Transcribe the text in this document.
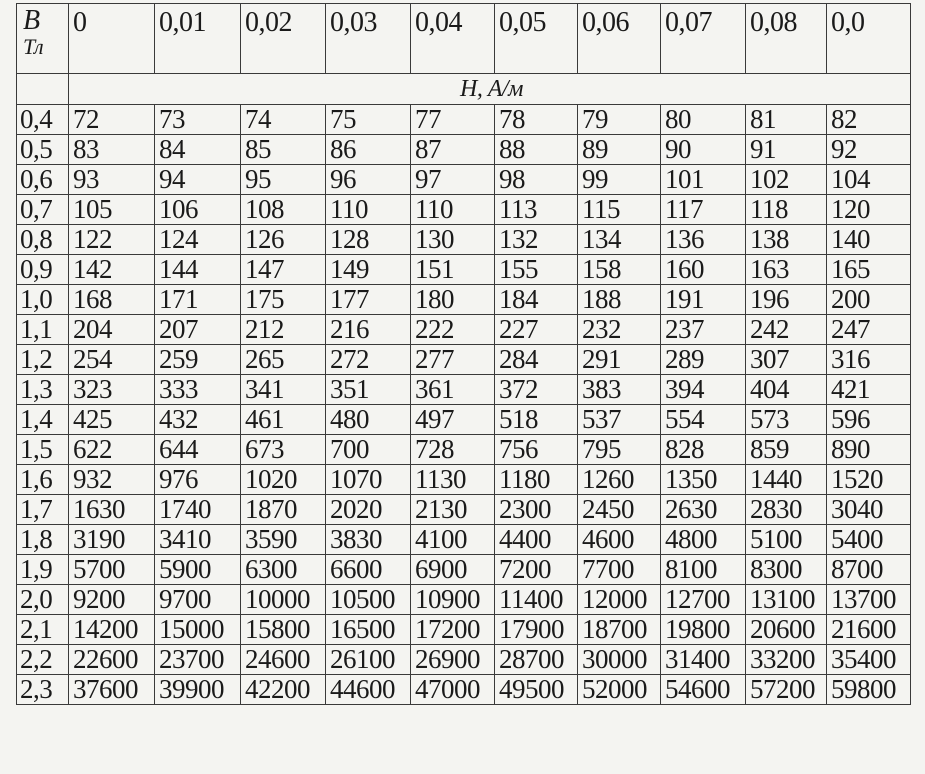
B
Тл	0	0,01	0,02	0,03	0,04	0,05	0,06	0,07	0,08	0,0
	H, А/м									
0,4	72	73	74	75	77	78	79	80	81	82
0,5	83	84	85	86	87	88	89	90	91	92
0,6	93	94	95	96	97	98	99	101	102	104
0,7	105	106	108	110	110	113	115	117	118	120
0,8	122	124	126	128	130	132	134	136	138	140
0,9	142	144	147	149	151	155	158	160	163	165
1,0	168	171	175	177	180	184	188	191	196	200
1,1	204	207	212	216	222	227	232	237	242	247
1,2	254	259	265	272	277	284	291	289	307	316
1,3	323	333	341	351	361	372	383	394	404	421
1,4	425	432	461	480	497	518	537	554	573	596
1,5	622	644	673	700	728	756	795	828	859	890
1,6	932	976	1020	1070	1130	1180	1260	1350	1440	1520
1,7	1630	1740	1870	2020	2130	2300	2450	2630	2830	3040
1,8	3190	3410	3590	3830	4100	4400	4600	4800	5100	5400
1,9	5700	5900	6300	6600	6900	7200	7700	8100	8300	8700
2,0	9200	9700	10000	10500	10900	11400	12000	12700	13100	13700
2,1	14200	15000	15800	16500	17200	17900	18700	19800	20600	21600
2,2	22600	23700	24600	26100	26900	28700	30000	31400	33200	35400
2,3	37600	39900	42200	44600	47000	49500	52000	54600	57200	59800
